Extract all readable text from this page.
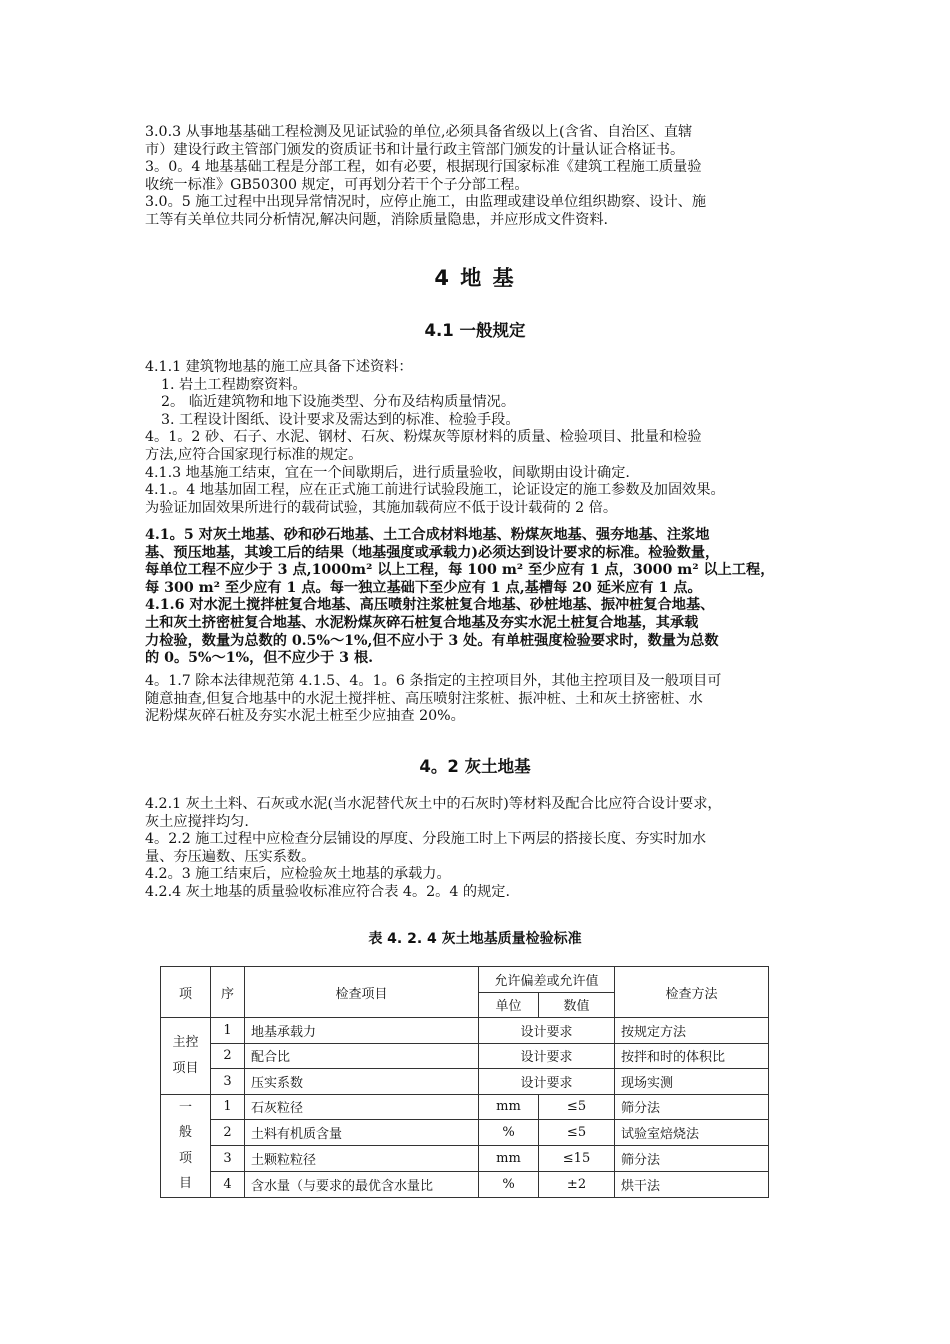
3.0.3 从事地基基础工程检测及见证试验的单位,必须具备省级以上(含省、自治区、直辖
市）建设行政主管部门颁发的资质证书和计量行政主管部门颁发的计量认证合格证书。
3。0。4 地基基础工程是分部工程，如有必要，根据现行国家标准《建筑工程施工质量验
收统一标准》GB50300 规定，可再划分若干个子分部工程。
3.0。5 施工过程中出现异常情况时，应停止施工，由监理或建设单位组织勘察、设计、施
工等有关单位共同分析情况,解决问题，消除质量隐患，并应形成文件资料.
4 地 基
4.1 一般规定
4.1.1 建筑物地基的施工应具备下述资料：
1. 岩土工程勘察资料。
2。 临近建筑物和地下设施类型、分布及结构质量情况。
3. 工程设计图纸、设计要求及需达到的标准、检验手段。
4。1。2 砂、石子、水泥、钢材、石灰、粉煤灰等原材料的质量、检验项目、批量和检验
方法,应符合国家现行标准的规定。
4.1.3 地基施工结束，宜在一个间歇期后，进行质量验收，间歇期由设计确定.
4.1.。4 地基加固工程，应在正式施工前进行试验段施工，论证设定的施工参数及加固效果。
为验证加固效果所进行的载荷试验，其施加载荷应不低于设计载荷的 2 倍。
4.1。5 对灰土地基、砂和砂石地基、土工合成材料地基、粉煤灰地基、强夯地基、注浆地
基、预压地基，其竣工后的结果（地基强度或承载力)必须达到设计要求的标准。检验数量，
每单位工程不应少于 3 点,1000m² 以上工程，每 100 m² 至少应有 1 点，3000 m² 以上工程，
每 300 m² 至少应有 1 点。每一独立基础下至少应有 1 点,基槽每 20 延米应有 1 点。
4.1.6 对水泥土搅拌桩复合地基、高压喷射注浆桩复合地基、砂桩地基、振冲桩复合地基、
土和灰土挤密桩复合地基、水泥粉煤灰碎石桩复合地基及夯实水泥土桩复合地基，其承载
力检验，数量为总数的 0.5%～1%,但不应小于 3 处。有单桩强度检验要求时，数量为总数
的 0。5%～1%，但不应少于 3 根.
4。1.7 除本法律规范第 4.1.5、4。1。6 条指定的主控项目外，其他主控项目及一般项目可
随意抽查,但复合地基中的水泥土搅拌桩、高压喷射注浆桩、振冲桩、土和灰土挤密桩、水
泥粉煤灰碎石桩及夯实水泥土桩至少应抽查 20%。
4。2 灰土地基
4.2.1 灰土土料、石灰或水泥(当水泥替代灰土中的石灰时)等材料及配合比应符合设计要求，
灰土应搅拌均匀.
4。2.2 施工过程中应检查分层铺设的厚度、分段施工时上下两层的搭接长度、夯实时加水
量、夯压遍数、压实系数。
4.2。3 施工结束后，应检验灰土地基的承载力。
4.2.4 灰土地基的质量验收标准应符合表 4。2。4 的规定.
表 4. 2. 4 灰土地基质量检验标准
项	序	检查项目	允许偏差或允许值		检查方法
			单位	数值	

主控
项目	1	地基承载力	设计要求		按规定方法
	2	配合比	设计要求		按拌和时的体积比
	3	压实系数	设计要求		现场实测

一
般
项
目	1	石灰粒径	mm	≤5	筛分法
	2	土料有机质含量	%	≤5	试验室焙烧法
	3	土颗粒粒径	mm	≤15	筛分法
	4	含水量（与要求的最优含水量比	%	±2	烘干法
